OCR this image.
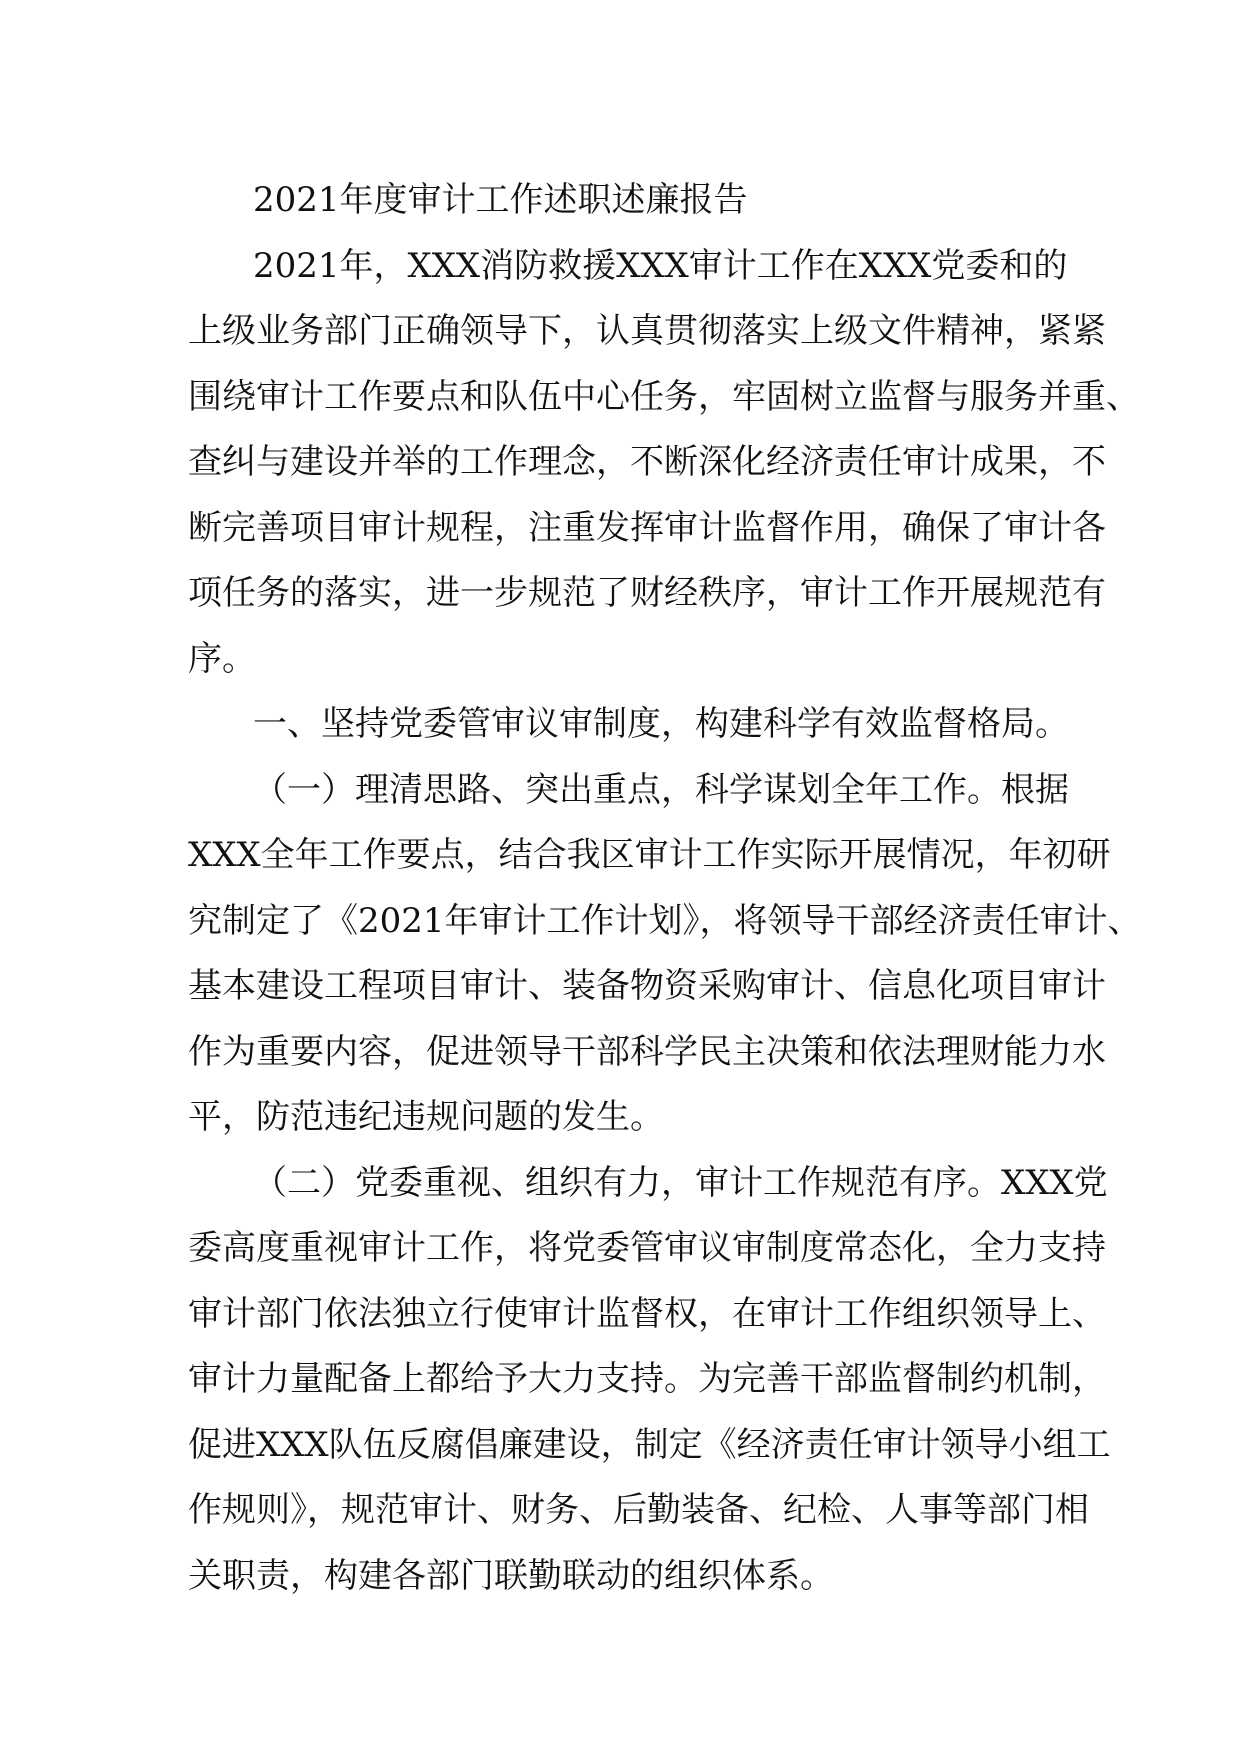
2021年度审计工作述职述廉报告
2021年，XXX消防救援XXX审计工作在XXX党委和的
上级业务部门正确领导下，认真贯彻落实上级文件精神，紧紧
围绕审计工作要点和队伍中心任务，牢固树立监督与服务并重、
查纠与建设并举的工作理念，不断深化经济责任审计成果，不
断完善项目审计规程，注重发挥审计监督作用，确保了审计各
项任务的落实，进一步规范了财经秩序，审计工作开展规范有
序。
一、坚持党委管审议审制度，构建科学有效监督格局。
（一）理清思路、突出重点，科学谋划全年工作。根据
XXX全年工作要点，结合我区审计工作实际开展情况，年初研
究制定了《2021年审计工作计划》，将领导干部经济责任审计、
基本建设工程项目审计、装备物资采购审计、信息化项目审计
作为重要内容，促进领导干部科学民主决策和依法理财能力水
平，防范违纪违规问题的发生。
（二）党委重视、组织有力，审计工作规范有序。XXX党
委高度重视审计工作，将党委管审议审制度常态化，全力支持
审计部门依法独立行使审计监督权，在审计工作组织领导上、
审计力量配备上都给予大力支持。为完善干部监督制约机制，
促进XXX队伍反腐倡廉建设，制定《经济责任审计领导小组工
作规则》，规范审计、财务、后勤装备、纪检、人事等部门相
关职责，构建各部门联勤联动的组织体系。
